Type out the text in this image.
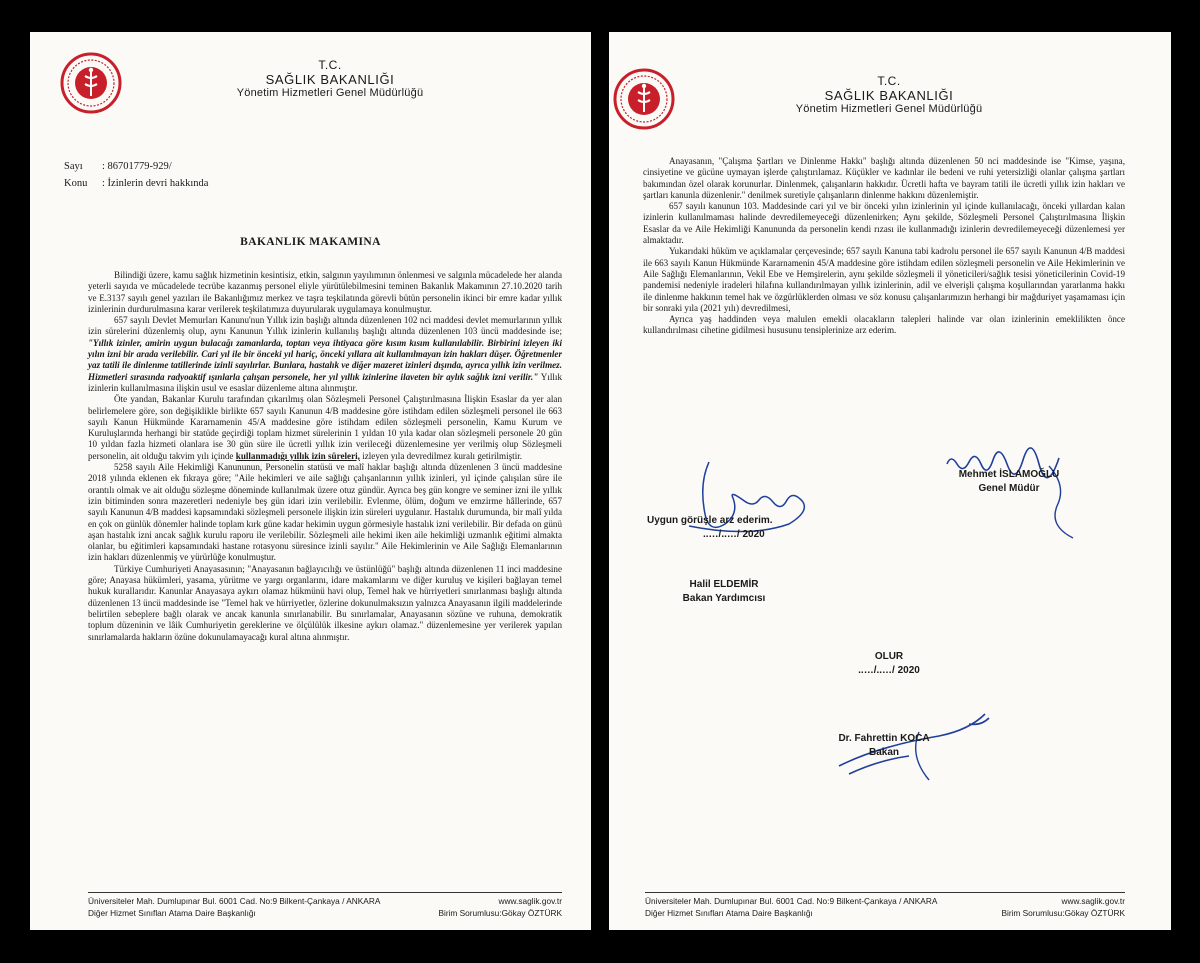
T.C.
SAĞLIK BAKANLIĞI
Yönetim Hizmetleri Genel Müdürlüğü
Sayı : 86701779-929/
Konu : İzinlerin devri hakkında
BAKANLIK MAKAMINA

Bilindiği üzere, kamu sağlık hizmetinin kesintisiz, etkin, salgının yayılımının önlenmesi ve salgınla mücadelede her alanda yeterli sayıda ve mücadelede tecrübe kazanmış personel eliyle yürütülebilmesini teminen Bakanlık Makamının 27.10.2020 tarih ve E.3137 sayılı genel yazıları ile Bakanlığımız merkez ve taşra teşkilatında görevli bütün personelin ikinci bir emre kadar yıllık izinlerinin durdurulmasına karar verilerek teşkilatımıza duyurularak uygulamaya konulmuştur.

657 sayılı Devlet Memurları Kanunu'nun Yıllık izin başlığı altında düzenlenen 102 nci maddesi devlet memurlarının yıllık izin sürelerini düzenlemiş olup, aynı Kanunun Yıllık izinlerin kullanılış başlığı altında düzenlenen 103 üncü maddesinde ise; "Yıllık izinler, amirin uygun bulacağı zamanlarda, toptan veya ihtiyaca göre kısım kısım kullanılabilir. Birbirini izleyen iki yılın izni bir arada verilebilir. Cari yıl ile bir önceki yıl hariç, önceki yıllara ait kullanılmayan izin hakları düşer. Öğretmenler yaz tatili ile dinlenme tatillerinde izinli sayılırlar. Bunlara, hastalık ve diğer mazeret izinleri dışında, ayrıca yıllık izin verilmez. Hizmetleri sırasında radyoaktif ışınlarla çalışan personele, her yıl yıllık izinlerine ilaveten bir aylık sağlık izni verilir." Yıllık izinlerin kullanılmasına ilişkin usul ve esaslar düzenleme altına alınmıştır.

Öte yandan, Bakanlar Kurulu tarafından çıkarılmış olan Sözleşmeli Personel Çalıştırılmasına İlişkin Esaslar da yer alan belirlemelere göre, son değişiklikle birlikte 657 sayılı Kanunun 4/B maddesine göre istihdam edilen sözleşmeli personel ile 663 sayılı Kanun Hükmünde Kararnamenin 45/A maddesine göre istihdam edilen sözleşmeli personelin, Kamu Kurum ve Kuruluşlarında herhangi bir statüde geçirdiği toplam hizmet sürelerinin 1 yıldan 10 yıla kadar olan sözleşmeli personele 20 gün 10 yıldan fazla hizmeti olanlara ise 30 gün süre ile ücretli yıllık izin verileceği düzenlemesine yer verilmiş olup Sözleşmeli personelin, ait olduğu takvim yılı içinde kullanmadığı yıllık izin süreleri, izleyen yıla devredilmez kuralı getirilmiştir.

5258 sayılı Aile Hekimliği Kanununun, Personelin statüsü ve malî haklar başlığı altında düzenlenen 3 üncü maddesine 2018 yılında eklenen ek fıkraya göre; "Aile hekimleri ve aile sağlığı çalışanlarının yıllık izinleri, yıl içinde çalışılan süre ile orantılı olmak ve ait olduğu sözleşme döneminde kullanılmak üzere otuz gündür. Ayrıca beş gün kongre ve seminer izni ile yıllık izin bitiminden sonra mazeretleri nedeniyle beş gün idari izin verilebilir. Evlenme, ölüm, doğum ve emzirme hâllerinde, 657 sayılı Kanunun 4/B maddesi kapsamındaki sözleşmeli personele ilişkin izin süreleri uygulanır. Hastalık durumunda, bir malî yılda en çok on günlük dönemler halinde toplam kırk güne kadar hekimin uygun görmesiyle hastalık izni verilebilir. Bir defada on günü aşan hastalık izni ancak sağlık kurulu raporu ile verilebilir. Sözleşmeli aile hekimi iken aile hekimliği uzmanlık eğitimi almakta olanlar, bu eğitimleri kapsamındaki hastane rotasyonu süresince izinli sayılır." Aile Hekimlerinin ve Aile Sağlığı Elemanlarının izin hakları düzenlenmiş ve yürürlüğe konulmuştur.

Türkiye Cumhuriyeti Anayasasının; "Anayasanın bağlayıcılığı ve üstünlüğü" başlığı altında düzenlenen 11 inci maddesine göre; Anayasa hükümleri, yasama, yürütme ve yargı organlarını, idare makamlarını ve diğer kuruluş ve kişileri bağlayan temel hukuk kurallarıdır. Kanunlar Anayasaya aykırı olamaz hükmünü havi olup, Temel hak ve hürriyetleri sınırlanması başlığı altında düzenlenen 13 üncü maddesinde ise "Temel hak ve hürriyetler, özlerine dokunulmaksızın yalnızca Anayasanın ilgili maddelerinde belirtilen sebeplere bağlı olarak ve ancak kanunla sınırlanabilir. Bu sınırlamalar, Anayasanın sözüne ve ruhuna, demokratik toplum düzeninin ve lâik Cumhuriyetin gereklerine ve ölçülülük ilkesine aykırı olamaz." düzenlemesine yer verilerek yapılan sınırlamalarda hakların özüne dokunulamayacağı kural altına alınmıştır.

Üniversiteler Mah. Dumlupınar Bul. 6001 Cad. No:9 Bilkent-Çankaya / ANKARA	www.saglik.gov.tr
Diğer Hizmet Sınıfları Atama Daire Başkanlığı	Birim Sorumlusu:Gökay ÖZTÜRK
T.C.
SAĞLIK BAKANLIĞI
Yönetim Hizmetleri Genel Müdürlüğü

Anayasanın, "Çalışma Şartları ve Dinlenme Hakkı" başlığı altında düzenlenen 50 nci maddesinde ise "Kimse, yaşına, cinsiyetine ve gücüne uymayan işlerde çalıştırılamaz. Küçükler ve kadınlar ile bedeni ve ruhi yetersizliği olanlar çalışma şartları bakımından özel olarak korunurlar. Dinlenmek, çalışanların hakkıdır. Ücretli hafta ve bayram tatili ile ücretli yıllık izin hakları ve şartları kanunla düzenlenir." denilmek suretiyle çalışanların dinlenme hakkını düzenlemiştir.

657 sayılı kanunun 103. Maddesinde cari yıl ve bir önceki yılın izinlerinin yıl içinde kullanılacağı, önceki yıllardan kalan izinlerin kullanılmaması halinde devredilemeyeceği düzenlenirken; Aynı şekilde, Sözleşmeli Personel Çalıştırılmasına İlişkin Esaslar da ve Aile Hekimliği Kanununda da personelin kendi rızası ile kullanmadığı izinlerin devredilemeyeceği düzenlemesi yer almaktadır.

Yukarıdaki hüküm ve açıklamalar çerçevesinde; 657 sayılı Kanuna tabi kadrolu personel ile 657 sayılı Kanunun 4/B maddesi ile 663 sayılı Kanun Hükmünde Kararnamenin 45/A maddesine göre istihdam edilen sözleşmeli personelin ve Aile Hekimlerinin ve Aile Sağlığı Elemanlarının, Vekil Ebe ve Hemşirelerin, aynı şekilde sözleşmeli il yöneticileri/sağlık tesisi yöneticilerinin Covid-19 pandemisi nedeniyle iradeleri hilafına kullandırılmayan yıllık izinlerinin, adil ve elverişli çalışma koşullarından yararlanma hakkı ile dinlenme hakkının temel hak ve özgürlüklerden olması ve söz konusu çalışanlarımızın herhangi bir mağduriyet yaşamaması için bir sonraki yıla (2021 yılı) devredilmesi,

Ayrıca yaş haddinden veya malulen emekli olacakların talepleri halinde var olan izinlerinin emeklilikten önce kullandırılması cihetine gidilmesi hususunu tensiplerinize arz ederim.

Mehmet İSLAMOĞLU
Genel Müdür
Uygun görüşle arz ederim.
..…/..…/ 2020
Halil ELDEMİR
Bakan Yardımcısı
OLUR
..…/..…/ 2020
Dr. Fahrettin KOCA
Bakan
Üniversiteler Mah. Dumlupınar Bul. 6001 Cad. No:9 Bilkent-Çankaya / ANKARA	www.saglik.gov.tr
Diğer Hizmet Sınıfları Atama Daire Başkanlığı	Birim Sorumlusu:Gökay ÖZTÜRK
